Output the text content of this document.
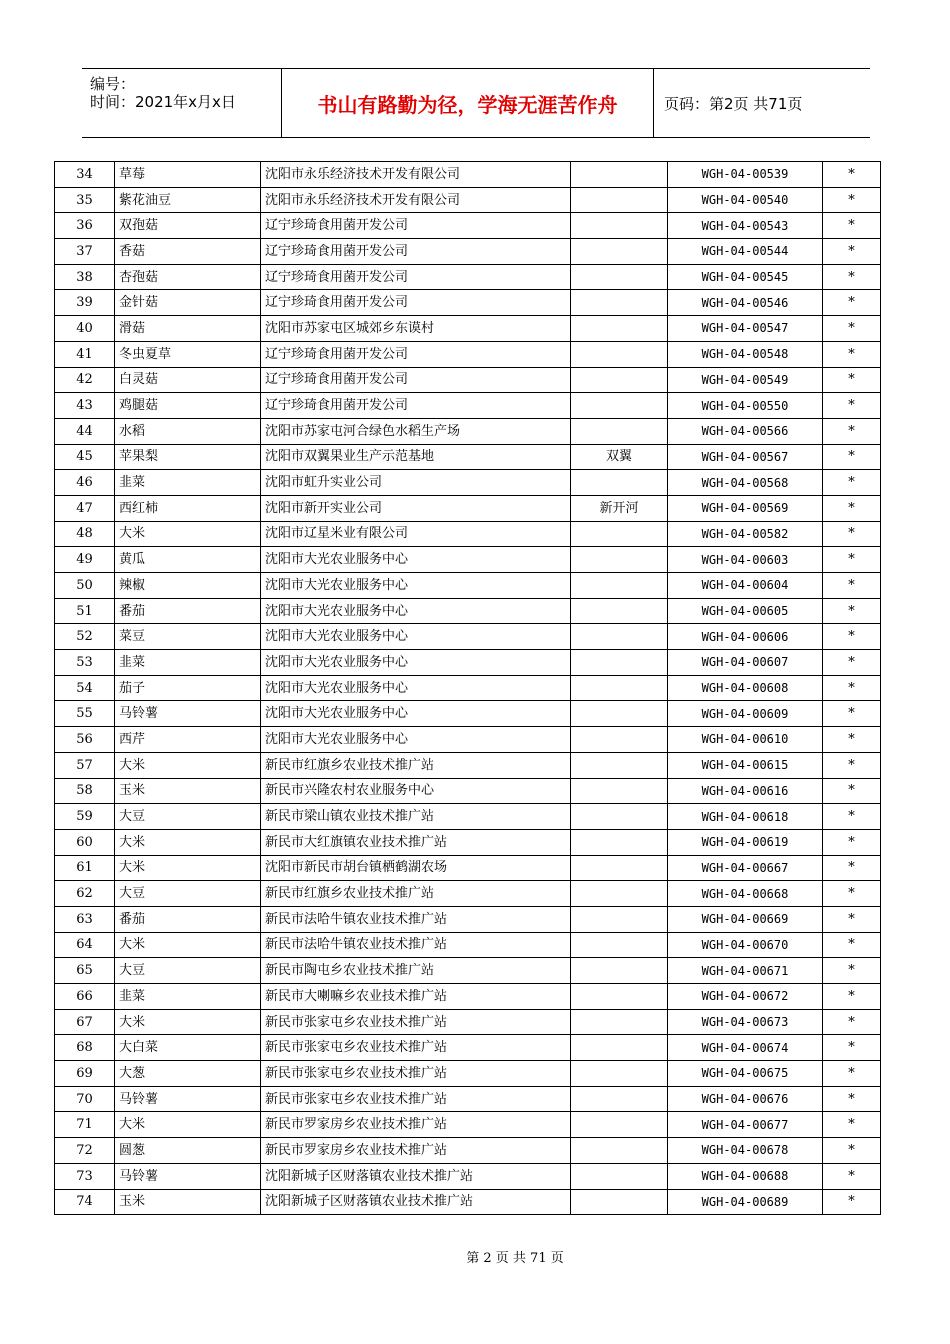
编号：
时间：2021年x月x日	书山有路勤为径，学海无涯苦作舟	页码：第2页 共71页
34	草莓	沈阳市永乐经济技术开发有限公司		WGH-04-00539	*
35	紫花油豆	沈阳市永乐经济技术开发有限公司		WGH-04-00540	*
36	双孢菇	辽宁珍琦食用菌开发公司		WGH-04-00543	*
37	香菇	辽宁珍琦食用菌开发公司		WGH-04-00544	*
38	杏孢菇	辽宁珍琦食用菌开发公司		WGH-04-00545	*
39	金针菇	辽宁珍琦食用菌开发公司		WGH-04-00546	*
40	滑菇	沈阳市苏家屯区城郊乡东谟村		WGH-04-00547	*
41	冬虫夏草	辽宁珍琦食用菌开发公司		WGH-04-00548	*
42	白灵菇	辽宁珍琦食用菌开发公司		WGH-04-00549	*
43	鸡腿菇	辽宁珍琦食用菌开发公司		WGH-04-00550	*
44	水稻	沈阳市苏家屯河合绿色水稻生产场		WGH-04-00566	*
45	苹果梨	沈阳市双翼果业生产示范基地	双翼	WGH-04-00567	*
46	韭菜	沈阳市虹升实业公司		WGH-04-00568	*
47	西红柿	沈阳市新开实业公司	新开河	WGH-04-00569	*
48	大米	沈阳市辽星米业有限公司		WGH-04-00582	*
49	黄瓜	沈阳市大光农业服务中心		WGH-04-00603	*
50	辣椒	沈阳市大光农业服务中心		WGH-04-00604	*
51	番茄	沈阳市大光农业服务中心		WGH-04-00605	*
52	菜豆	沈阳市大光农业服务中心		WGH-04-00606	*
53	韭菜	沈阳市大光农业服务中心		WGH-04-00607	*
54	茄子	沈阳市大光农业服务中心		WGH-04-00608	*
55	马铃薯	沈阳市大光农业服务中心		WGH-04-00609	*
56	西芹	沈阳市大光农业服务中心		WGH-04-00610	*
57	大米	新民市红旗乡农业技术推广站		WGH-04-00615	*
58	玉米	新民市兴隆农村农业服务中心		WGH-04-00616	*
59	大豆	新民市梁山镇农业技术推广站		WGH-04-00618	*
60	大米	新民市大红旗镇农业技术推广站		WGH-04-00619	*
61	大米	沈阳市新民市胡台镇栖鹤湖农场		WGH-04-00667	*
62	大豆	新民市红旗乡农业技术推广站		WGH-04-00668	*
63	番茄	新民市法哈牛镇农业技术推广站		WGH-04-00669	*
64	大米	新民市法哈牛镇农业技术推广站		WGH-04-00670	*
65	大豆	新民市陶屯乡农业技术推广站		WGH-04-00671	*
66	韭菜	新民市大喇嘛乡农业技术推广站		WGH-04-00672	*
67	大米	新民市张家屯乡农业技术推广站		WGH-04-00673	*
68	大白菜	新民市张家屯乡农业技术推广站		WGH-04-00674	*
69	大葱	新民市张家屯乡农业技术推广站		WGH-04-00675	*
70	马铃薯	新民市张家屯乡农业技术推广站		WGH-04-00676	*
71	大米	新民市罗家房乡农业技术推广站		WGH-04-00677	*
72	圆葱	新民市罗家房乡农业技术推广站		WGH-04-00678	*
73	马铃薯	沈阳新城子区财落镇农业技术推广站		WGH-04-00688	*
74	玉米	沈阳新城子区财落镇农业技术推广站		WGH-04-00689	*
第 2 页 共 71 页
